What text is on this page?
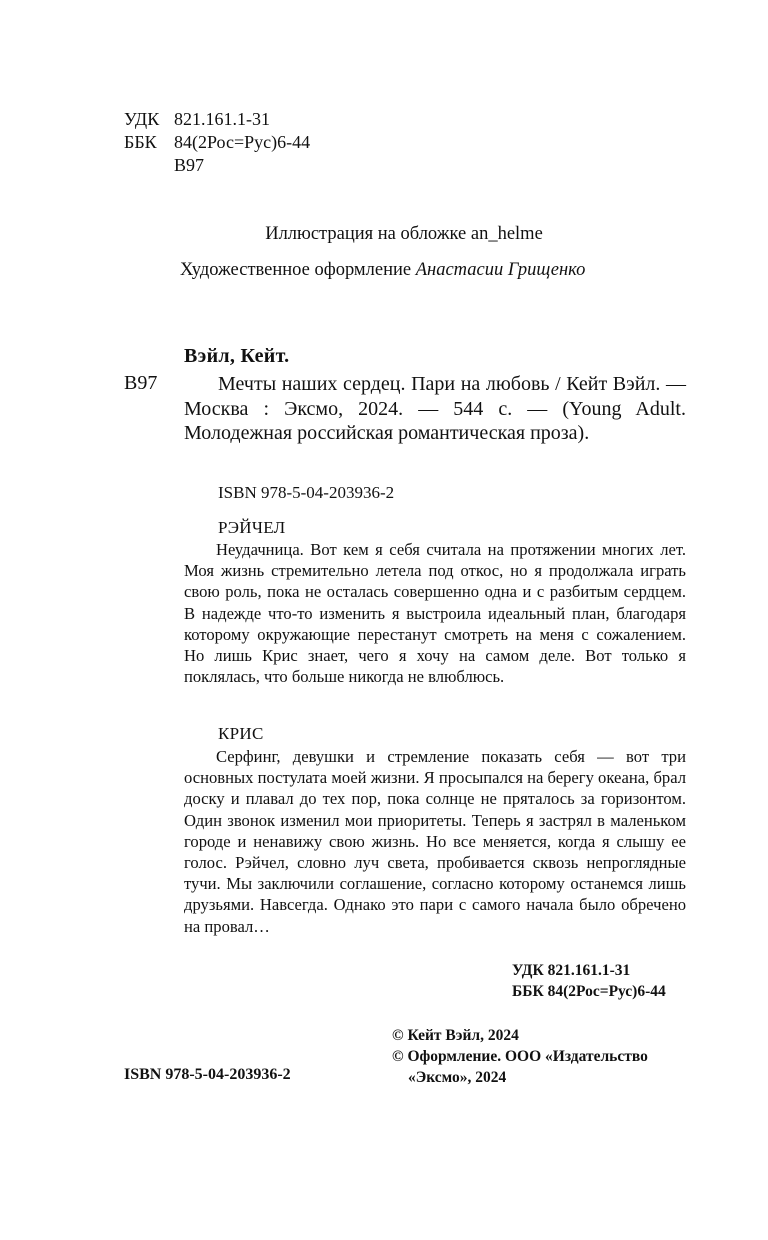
УДК 821.161.1-31
ББК 84(2Рос=Рус)6-44
В97
Иллюстрация на обложке an_helme
Художественное оформление Анастасии Грищенко
Вэйл, Кейт.
В97	Мечты наших сердец. Пари на любовь / Кейт Вэйл. — Москва : Эксмо, 2024. — 544 с. — (Young Adult. Молодежная российская романтическая проза).
ISBN 978-5-04-203936-2
РЭЙЧЕЛ
Неудачница. Вот кем я себя считала на протяжении многих лет. Моя жизнь стремительно летела под откос, но я продолжала играть свою роль, пока не осталась совершенно одна и с разбитым сердцем. В надежде что-то изменить я выстроила идеальный план, благодаря которому окружающие перестанут смотреть на меня с сожалением. Но лишь Крис знает, чего я хочу на самом деле. Вот только я поклялась, что больше никогда не влюблюсь.
КРИС
Серфинг, девушки и стремление показать себя — вот три основных постулата моей жизни. Я просыпался на берегу океана, брал доску и плавал до тех пор, пока солнце не пряталось за горизонтом. Один звонок изменил мои приоритеты. Теперь я застрял в маленьком городе и ненавижу свою жизнь. Но все меняется, когда я слышу ее голос. Рэйчел, словно луч света, пробивается сквозь непроглядные тучи. Мы заключили соглашение, согласно которому останемся лишь друзьями. Навсегда. Однако это пари с самого начала было обречено на провал…
УДК 821.161.1-31
ББК 84(2Рос=Рус)6-44
© Кейт Вэйл, 2024
© Оформление. ООО «Издательство
«Эксмо», 2024
ISBN 978-5-04-203936-2
